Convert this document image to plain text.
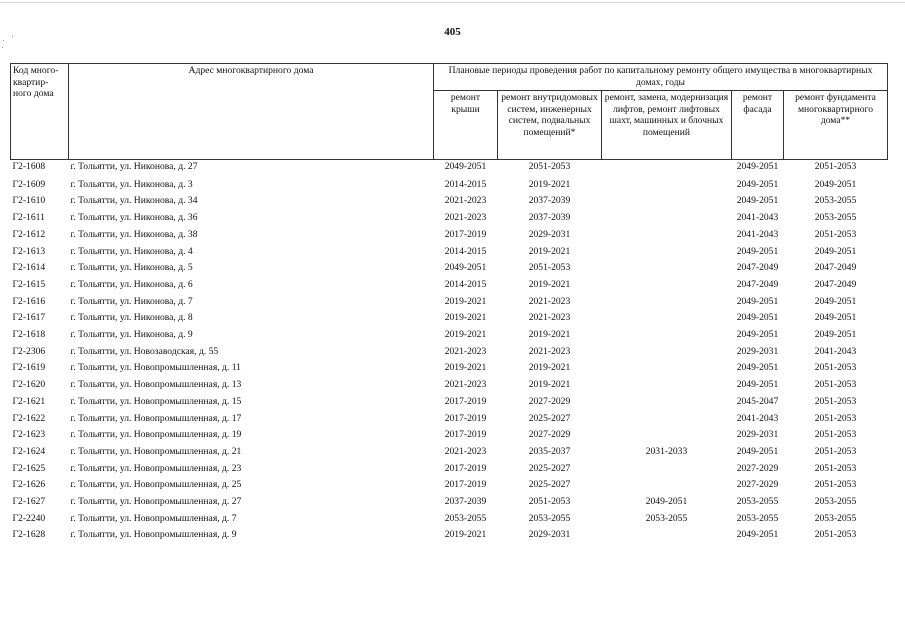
405
Код много-квартир-ного дома	Адрес многоквартирного дома	Плановые периоды проведения работ по капитальному ремонту общего имущества в многоквартирных домах, годы				
		ремонт крыши	ремонт внутридомовых систем, инженерных систем, подвальных помещений*	ремонт, замена, модернизация лифтов, ремонт лифтовых шахт, машинных и блочных помещений	ремонт фасада	ремонт фундамента многоквартирного дома**
Г2-1608	г. Тольятти, ул. Никонова, д. 27	2049-2051	2051-2053		2049-2051	2051-2053
Г2-1609	г. Тольятти, ул. Никонова, д. 3	2014-2015	2019-2021		2049-2051	2049-2051
Г2-1610	г. Тольятти, ул. Никонова, д. 34	2021-2023	2037-2039		2049-2051	2053-2055
Г2-1611	г. Тольятти, ул. Никонова, д. 36	2021-2023	2037-2039		2041-2043	2053-2055
Г2-1612	г. Тольятти, ул. Никонова, д. 38	2017-2019	2029-2031		2041-2043	2051-2053
Г2-1613	г. Тольятти, ул. Никонова, д. 4	2014-2015	2019-2021		2049-2051	2049-2051
Г2-1614	г. Тольятти, ул. Никонова, д. 5	2049-2051	2051-2053		2047-2049	2047-2049
Г2-1615	г. Тольятти, ул. Никонова, д. 6	2014-2015	2019-2021		2047-2049	2047-2049
Г2-1616	г. Тольятти, ул. Никонова, д. 7	2019-2021	2021-2023		2049-2051	2049-2051
Г2-1617	г. Тольятти, ул. Никонова, д. 8	2019-2021	2021-2023		2049-2051	2049-2051
Г2-1618	г. Тольятти, ул. Никонова, д. 9	2019-2021	2019-2021		2049-2051	2049-2051
Г2-2306	г. Тольятти, ул. Новозаводская, д. 55	2021-2023	2021-2023		2029-2031	2041-2043
Г2-1619	г. Тольятти, ул. Новопромышленная, д. 11	2019-2021	2019-2021		2049-2051	2051-2053
Г2-1620	г. Тольятти, ул. Новопромышленная, д. 13	2021-2023	2019-2021		2049-2051	2051-2053
Г2-1621	г. Тольятти, ул. Новопромышленная, д. 15	2017-2019	2027-2029		2045-2047	2051-2053
Г2-1622	г. Тольятти, ул. Новопромышленная, д. 17	2017-2019	2025-2027		2041-2043	2051-2053
Г2-1623	г. Тольятти, ул. Новопромышленная, д. 19	2017-2019	2027-2029		2029-2031	2051-2053
Г2-1624	г. Тольятти, ул. Новопромышленная, д. 21	2021-2023	2035-2037	2031-2033	2049-2051	2051-2053
Г2-1625	г. Тольятти, ул. Новопромышленная, д. 23	2017-2019	2025-2027		2027-2029	2051-2053
Г2-1626	г. Тольятти, ул. Новопромышленная, д. 25	2017-2019	2025-2027		2027-2029	2051-2053
Г2-1627	г. Тольятти, ул. Новопромышленная, д. 27	2037-2039	2051-2053	2049-2051	2053-2055	2053-2055
Г2-2240	г. Тольятти, ул. Новопромышленная, д. 7	2053-2055	2053-2055	2053-2055	2053-2055	2053-2055
Г2-1628	г. Тольятти, ул. Новопромышленная, д. 9	2019-2021	2029-2031		2049-2051	2051-2053
